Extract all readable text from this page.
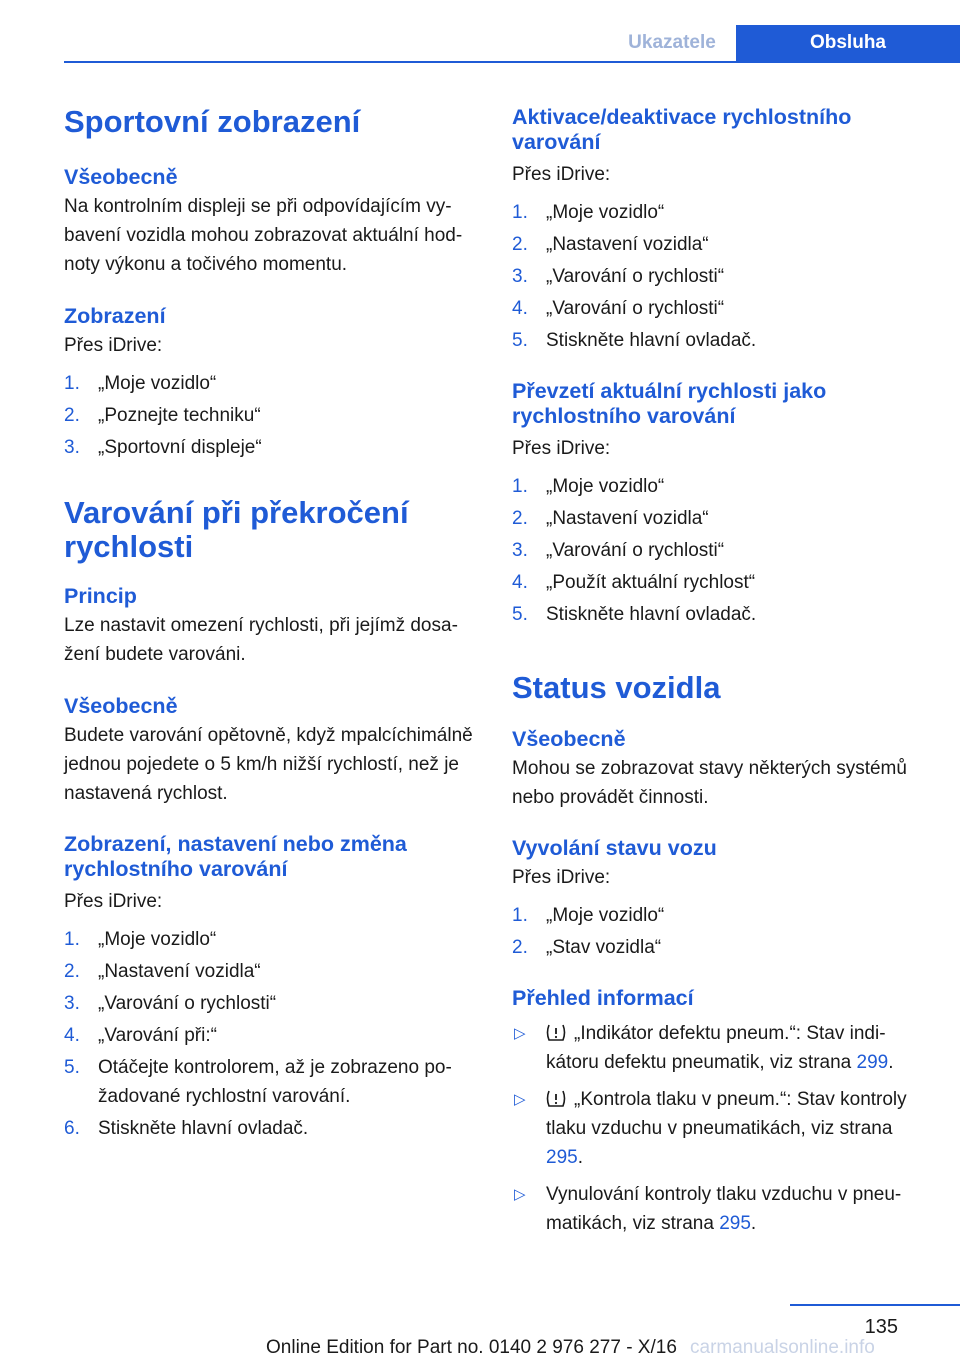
Ukazatele	Obsluha
Sportovní zobrazení
Všeobecně

Na kontrolním displeji se při odpovídajícím vybavení vozidla mohou zobrazovat aktuální hodnoty výkonu a točivého momentu.

Zobrazení

Přes iDrive:

1. „Moje vozidlo“
2. „Poznejte techniku“
3. „Sportovní displeje“
Varování při překročení rychlosti
Princip

Lze nastavit omezení rychlosti, při jejímž dosažení budete varováni.

Všeobecně

Budete varování opětovně, když mpalcíchimálně jednou pojedete o 5 km/h nižší rychlostí, než je nastavená rychlost.

Zobrazení, nastavení nebo změna rychlostního varování

Přes iDrive:

1. „Moje vozidlo“
2. „Nastavení vozidla“
3. „Varování o rychlosti“
4. „Varování při:“
5. Otáčejte kontrolorem, až je zobrazeno požadované rychlostní varování.
6. Stiskněte hlavní ovladač.
Aktivace/deaktivace rychlostního varování

Přes iDrive:

1. „Moje vozidlo“
2. „Nastavení vozidla“
3. „Varování o rychlosti“
4. „Varování o rychlosti“
5. Stiskněte hlavní ovladač.
Převzetí aktuální rychlosti jako rychlostního varování

Přes iDrive:

1. „Moje vozidlo“
2. „Nastavení vozidla“
3. „Varování o rychlosti“
4. „Použít aktuální rychlost“
5. Stiskněte hlavní ovladač.
Status vozidla
Všeobecně

Mohou se zobrazovat stavy některých systémů nebo provádět činnosti.

Vyvolání stavu vozu

Přes iDrive:

1. „Moje vozidlo“
2. „Stav vozidla“
Přehled informací
▷	„Indikátor defektu pneum.“: Stav indikátoru defektu pneumatik, viz strana 299.
▷	„Kontrola tlaku v pneum.“: Stav kontroly tlaku vzduchu v pneumatikách, viz strana 295.
▷ Vynulování kontroly tlaku vzduchu v pneumatikách, viz strana 295.
135
Online Edition for Part no. 0140 2 976 277 - X/16 carmanualsonline.info
